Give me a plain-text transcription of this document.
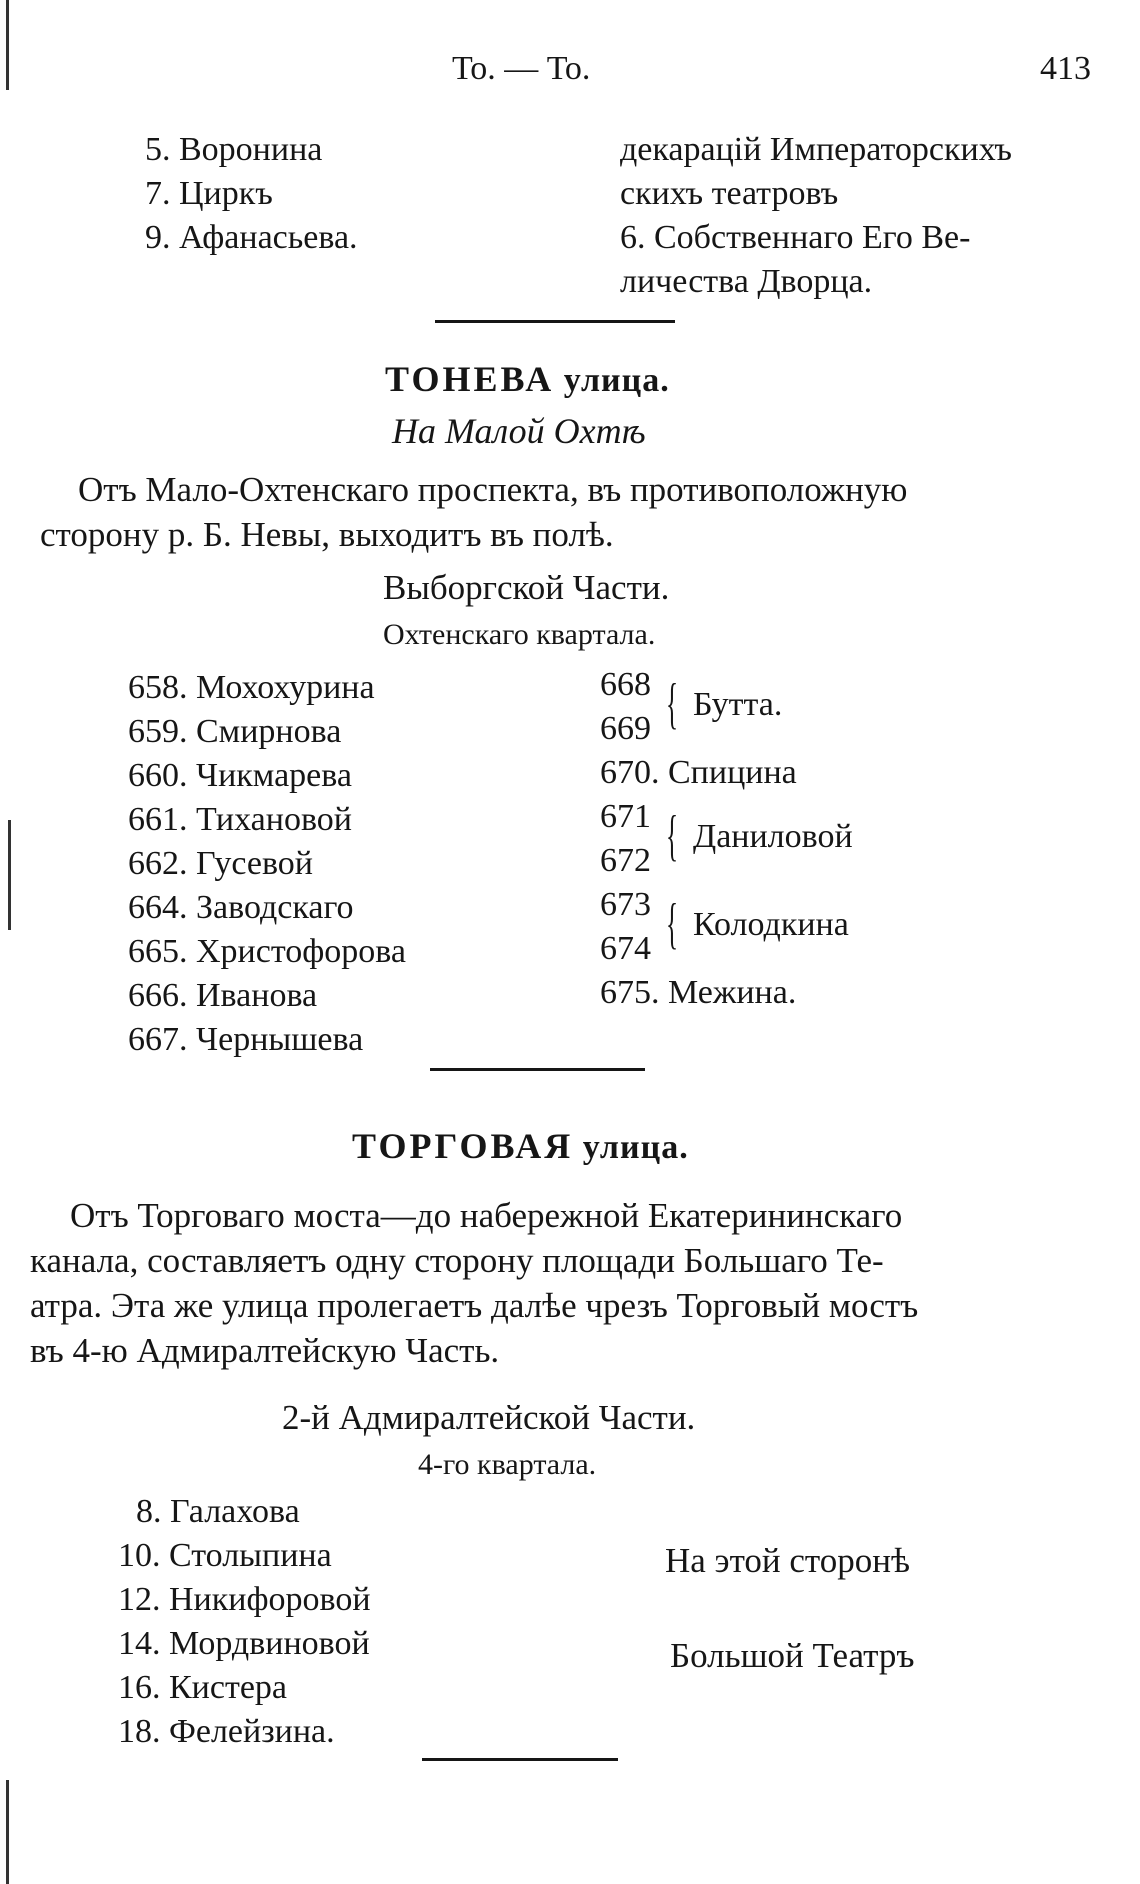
То. — То.	413
5. Воронина
7. Циркъ
9. Афанасьева.
декарацій Императорскихъ
скихъ театровъ
6. Собственнаго Его Ве-
личества Дворца.
ТОНЕВА улица.
На Малой Охтѣ
Отъ Мало-Охтенскаго проспекта, въ противоположную
сторону р. Б. Невы, выходитъ въ полѣ.
Выборгской Части.
Охтенскаго квартала.
658. Мохохурина
659. Смирнова
660. Чикмарева
661. Тихановой
662. Гусевой
664. Заводскаго
665. Христофорова
666. Иванова
667. Чернышева
668
669 { Бутта.
670. Спицина
671
672 { Даниловой
673
674 { Колодкина
675. Межина.
ТОРГОВАЯ улица.
Отъ Торговаго моста—до набережной Екатерининскаго
канала, составляетъ одну сторону площади Большаго Те-
атра. Эта же улица пролегаетъ далѣе чрезъ Торговый мостъ
въ 4-ю Адмиралтейскую Часть.
2-й Адмиралтейской Части.
4-го квартала.
8. Галахова
10. Столыпина
12. Никифоровой
14. Мордвиновой
16. Кистера
18. Фелейзина.
На этой сторонѣ
Большой Театръ
